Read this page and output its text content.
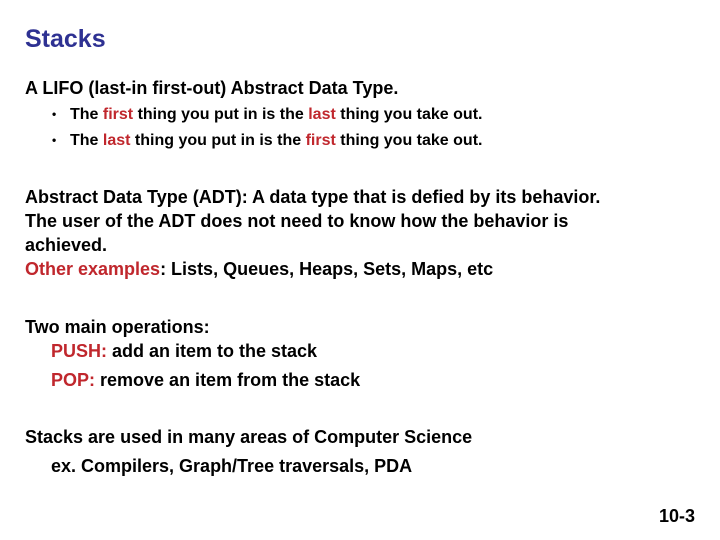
Stacks
A LIFO (last-in first-out) Abstract Data Type.
• The first thing you put in is the last thing you take out.
• The last thing you put in is the first thing you take out.
Abstract Data Type (ADT): A data type that is defied by its behavior.
The user of the ADT does not need to know how the behavior is
achieved.
Other examples: Lists, Queues, Heaps, Sets, Maps, etc
Two main operations:
PUSH: add an item to the stack
POP: remove an item from the stack
Stacks are used in many areas of Computer Science
ex. Compilers, Graph/Tree traversals, PDA
10-3
